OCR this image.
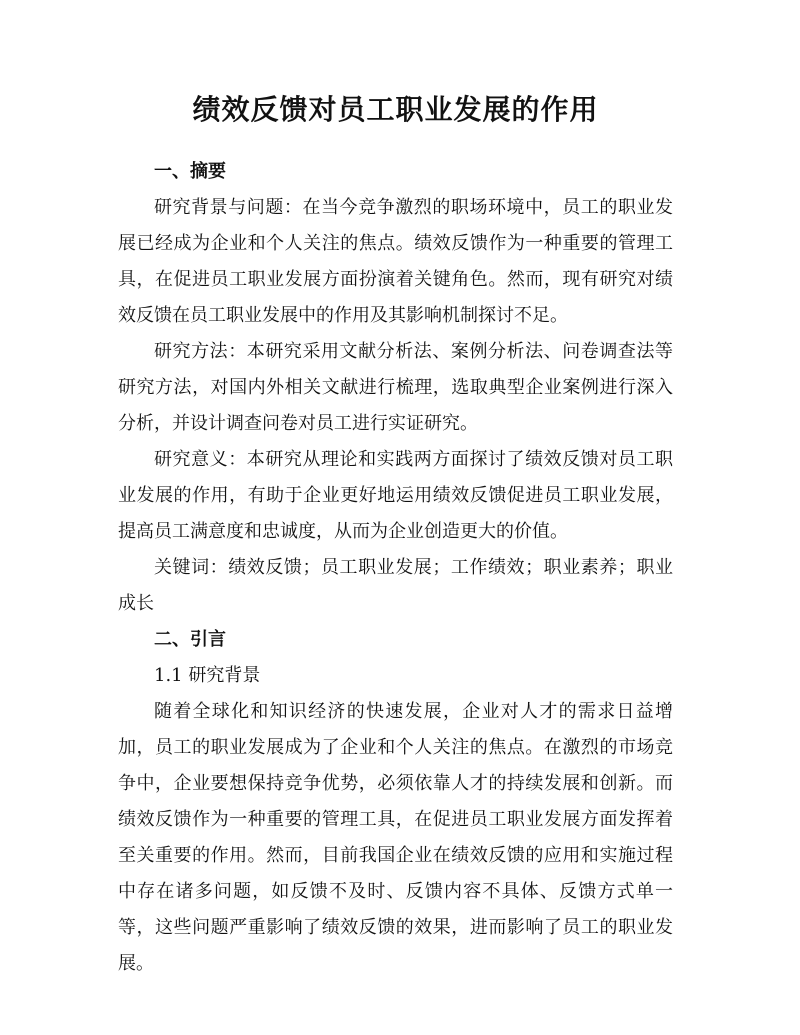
绩效反馈对员工职业发展的作用
一、摘要

研究背景与问题：在当今竞争激烈的职场环境中，员工的职业发展已经成为企业和个人关注的焦点。绩效反馈作为一种重要的管理工具，在促进员工职业发展方面扮演着关键角色。然而，现有研究对绩效反馈在员工职业发展中的作用及其影响机制探讨不足。

研究方法：本研究采用文献分析法、案例分析法、问卷调查法等研究方法，对国内外相关文献进行梳理，选取典型企业案例进行深入分析，并设计调查问卷对员工进行实证研究。

研究意义：本研究从理论和实践两方面探讨了绩效反馈对员工职业发展的作用，有助于企业更好地运用绩效反馈促进员工职业发展，提高员工满意度和忠诚度，从而为企业创造更大的价值。

关键词：绩效反馈；员工职业发展；工作绩效；职业素养；职业成长

二、引言
1.1 研究背景

随着全球化和知识经济的快速发展，企业对人才的需求日益增加，员工的职业发展成为了企业和个人关注的焦点。在激烈的市场竞争中，企业要想保持竞争优势，必须依靠人才的持续发展和创新。而绩效反馈作为一种重要的管理工具，在促进员工职业发展方面发挥着至关重要的作用。然而，目前我国企业在绩效反馈的应用和实施过程中存在诸多问题，如反馈不及时、反馈内容不具体、反馈方式单一等，这些问题严重影响了绩效反馈的效果，进而影响了员工的职业发展。
